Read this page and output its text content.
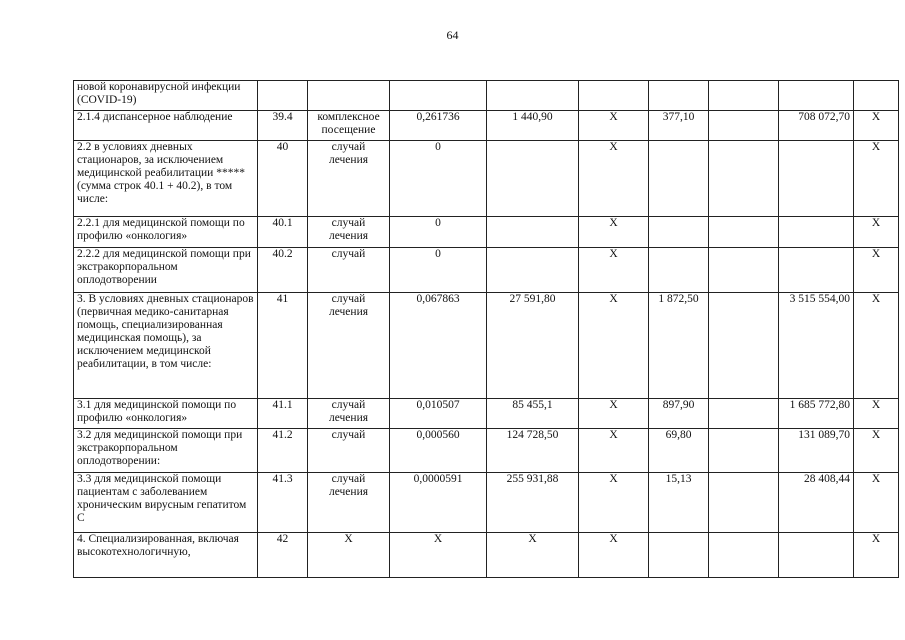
64
новой коронавирусной инфекции (COVID-19)									
2.1.4 диспансерное наблюдение	39.4	комплексное посещение	0,261736	1 440,90	Х	377,10		708 072,70	Х
2.2 в условиях дневных стационаров, за исключением медицинской реабилитации ***** (сумма строк 40.1 + 40.2), в том числе:	40	случай лечения	0		Х				Х
2.2.1 для медицинской помощи по профилю «онкология»	40.1	случай лечения	0		Х				Х
2.2.2 для медицинской помощи при экстракорпоральном оплодотворении	40.2	случай	0		Х				Х
3. В условиях дневных стационаров (первичная медико-санитарная помощь, специализированная медицинская помощь), за исключением медицинской реабилитации, в том числе:	41	случай лечения	0,067863	27 591,80	Х	1 872,50		3 515 554,00	Х
3.1 для медицинской помощи по профилю «онкология»	41.1	случай лечения	0,010507	85 455,1	Х	897,90		1 685 772,80	Х
3.2 для медицинской помощи при экстракорпоральном оплодотворении:	41.2	случай	0,000560	124 728,50	Х	69,80		131 089,70	Х
3.3 для медицинской помощи пациентам с заболеванием хроническим вирусным гепатитом С	41.3	случай лечения	0,0000591	255 931,88	Х	15,13		28 408,44	Х
4. Специализированная, включая высокотехнологичную,	42	Х	Х	Х	Х				Х
